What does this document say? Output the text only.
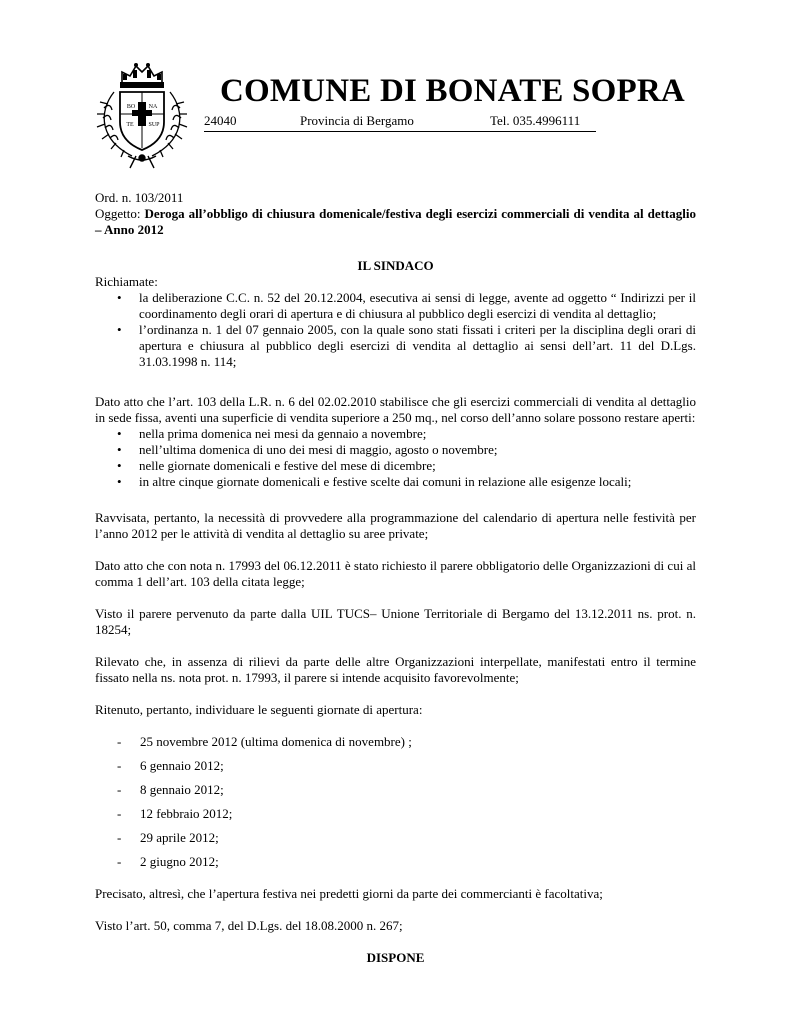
BO NA
TE SUP
COMUNE DI BONATE SOPRA
24040	Provincia di Bergamo	Tel. 035.4996111

Ord. n. 103/2011

Oggetto: Deroga all’obbligo di chiusura domenicale/festiva degli esercizi commerciali di vendita al dettaglio – Anno 2012

IL SINDACO
Richiamate:
• la deliberazione C.C. n. 52 del 20.12.2004, esecutiva ai sensi di legge, avente ad oggetto “ Indirizzi per il coordinamento degli orari di apertura e di chiusura al pubblico degli esercizi di vendita al dettaglio;
• l’ordinanza n. 1 del 07 gennaio 2005, con la quale sono stati fissati i criteri per la disciplina degli orari di apertura e chiusura al pubblico degli esercizi di vendita al dettaglio ai sensi dell’art. 11 del D.Lgs. 31.03.1998 n. 114;

Dato atto che l’art. 103 della L.R. n. 6 del 02.02.2010 stabilisce che gli esercizi commerciali di vendita al dettaglio in sede fissa, aventi una superficie di vendita superiore a 250 mq., nel corso dell’anno solare possono restare aperti:

• nella prima domenica nei mesi da gennaio a novembre;
• nell’ultima domenica di uno dei mesi di maggio, agosto o novembre;
• nelle giornate domenicali e festive del mese di dicembre;
• in altre cinque giornate domenicali e festive scelte dai comuni in relazione alle esigenze locali;

Ravvisata, pertanto, la necessità di provvedere alla programmazione del calendario di apertura nelle festività per l’anno 2012 per le attività di vendita al dettaglio su aree private;

Dato atto che con nota n. 17993 del 06.12.2011 è stato richiesto il parere obbligatorio delle Organizzazioni di cui al comma 1 dell’art. 103 della citata legge;

Visto il parere pervenuto da parte dalla UIL TUCS– Unione Territoriale di Bergamo del 13.12.2011 ns. prot. n. 18254;

Rilevato che, in assenza di rilievi da parte delle altre Organizzazioni interpellate, manifestati entro il termine fissato nella ns. nota prot. n. 17993, il parere si intende acquisito favorevolmente;

Ritenuto, pertanto, individuare le seguenti giornate di apertura:

- 25 novembre 2012 (ultima domenica di novembre) ;
- 6 gennaio 2012;
- 8 gennaio 2012;
- 12 febbraio 2012;
- 29 aprile 2012;
- 2 giugno 2012;

Precisato, altresì, che l’apertura festiva nei predetti giorni da parte dei commercianti è facoltativa;

Visto l’art. 50, comma 7, del D.Lgs. del 18.08.2000 n. 267;

DISPONE
